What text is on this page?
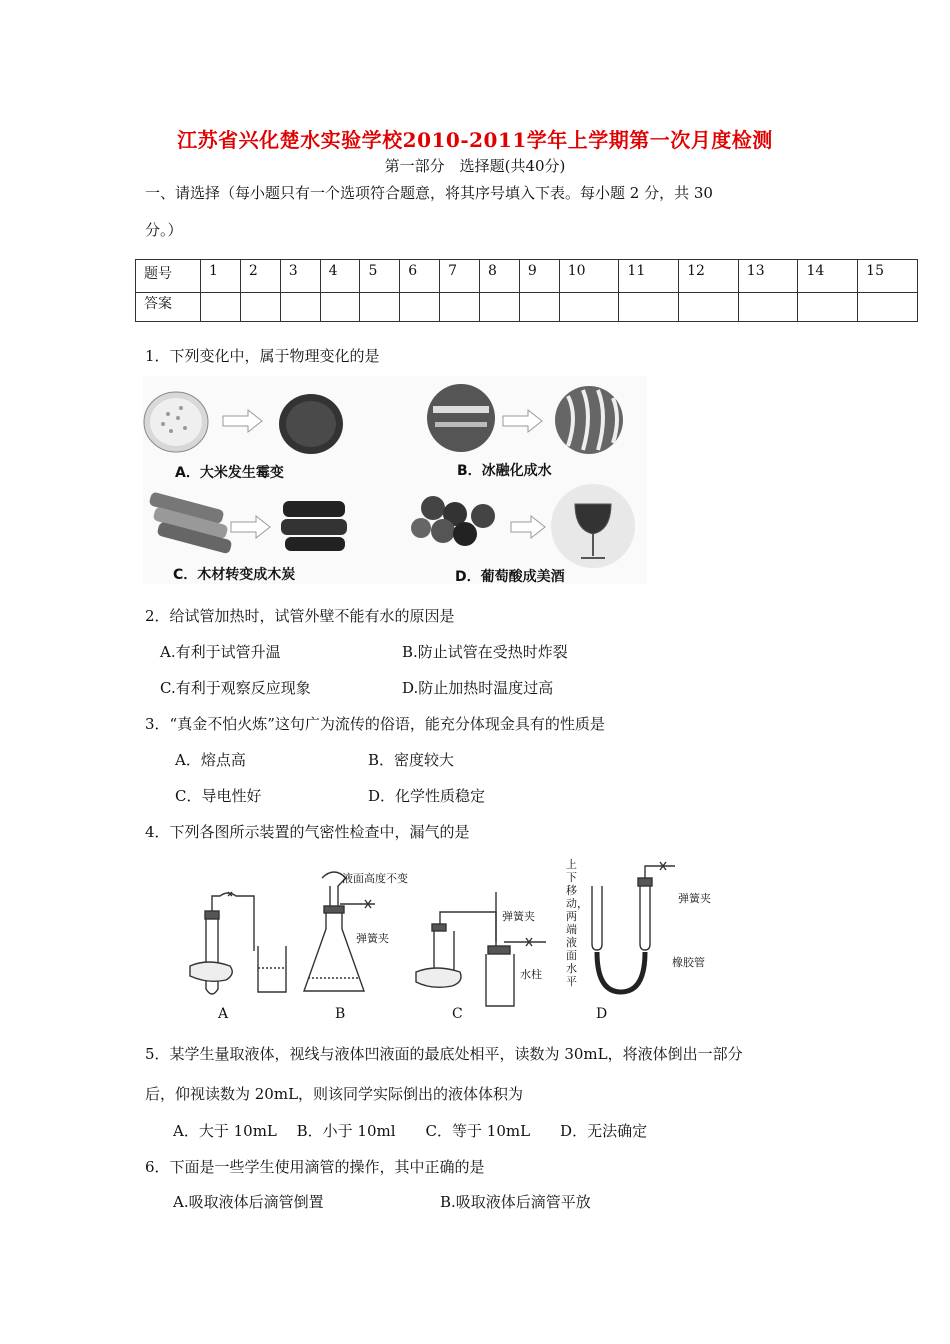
江苏省兴化楚水实验学校2010-2011学年上学期第一次月度检测
第一部分　选择题(共40分)
一、请选择（每小题只有一个选项符合题意，将其序号填入下表。每小题 2 分，共 30
分。）
题号	1	2	3	4	5	6	7	8	9	10	11	12	13	14	15
答案															
1．下列变化中，属于物理变化的是
A．大米发生霉变	B．冰融化成水
C．木材转变成木炭	D．葡萄酸成美酒
2．给试管加热时，试管外壁不能有水的原因是
A.有利于试管升温	B.防止试管在受热时炸裂
C.有利于观察反应现象	D.防止加热时温度过高
3．“真金不怕火炼”这句广为流传的俗语，能充分体现金具有的性质是
A．熔点高	B．密度较大
C．导电性好	D．化学性质稳定
4．下列各图所示装置的气密性检查中，漏气的是
A	B	C	D
液面高度不变
弹簧夹
弹簧夹
水柱
弹簧夹
橡胶管
上下移动，两端液面水平
5．某学生量取液体，视线与液体凹液面的最底处相平，读数为 30mL，将液体倒出一部分
后，仰视读数为 20mL，则该同学实际倒出的液体体积为
A．大于 10mL　 B．小于 10ml　　C．等于 10mL　　D．无法确定
6．下面是一些学生使用滴管的操作，其中正确的是
A.吸取液体后滴管倒置	B.吸取液体后滴管平放
